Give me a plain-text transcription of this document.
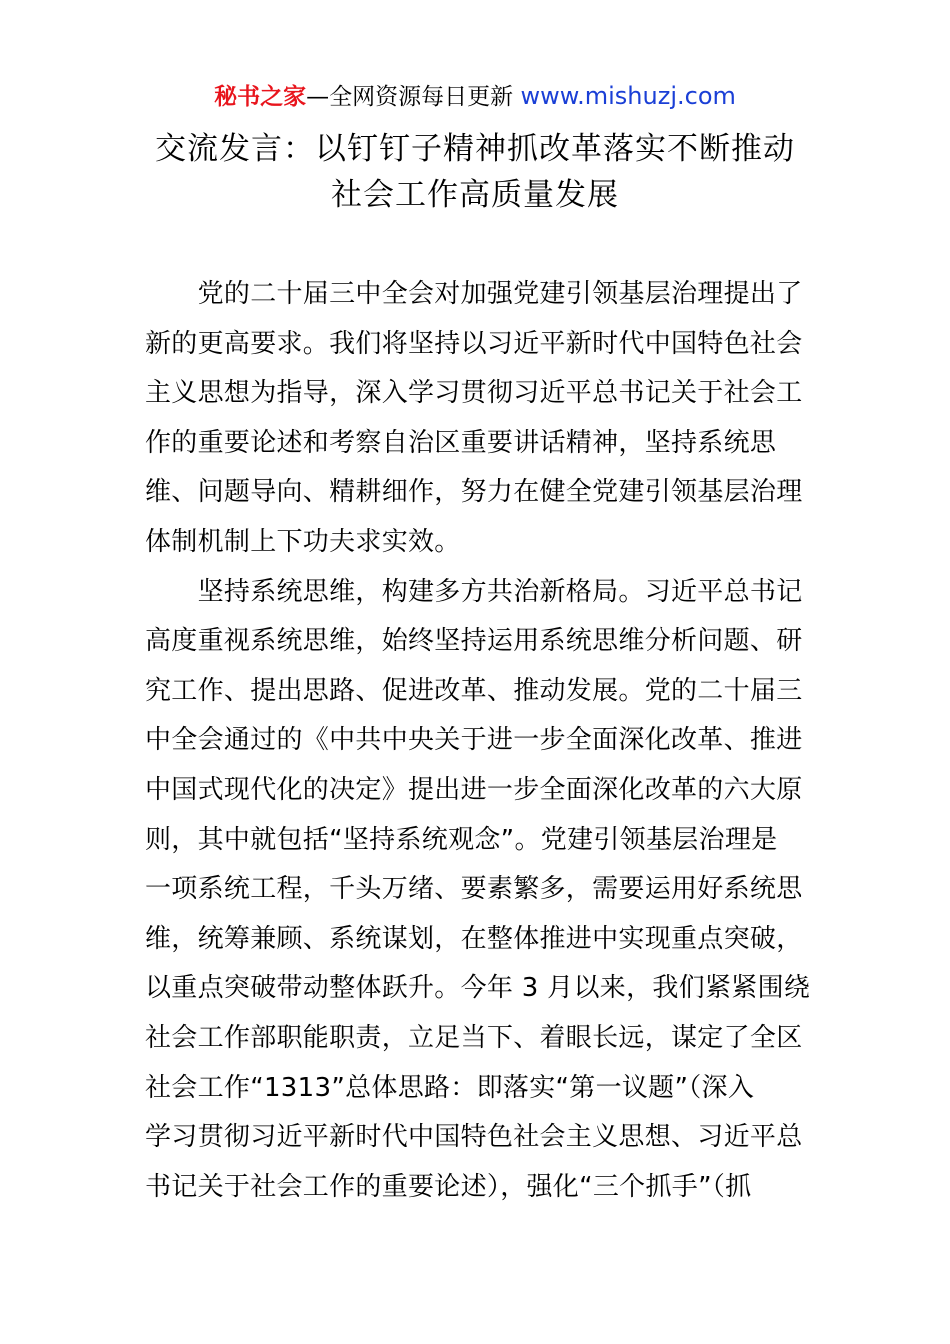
秘书之家—全网资源每日更新 www.mishuzj.com
交流发言：以钉钉子精神抓改革落实不断推动
社会工作高质量发展
　　党的二十届三中全会对加强党建引领基层治理提出了
新的更高要求。我们将坚持以习近平新时代中国特色社会
主义思想为指导，深入学习贯彻习近平总书记关于社会工
作的重要论述和考察自治区重要讲话精神，坚持系统思
维、问题导向、精耕细作，努力在健全党建引领基层治理
体制机制上下功夫求实效。
　　坚持系统思维，构建多方共治新格局。习近平总书记
高度重视系统思维，始终坚持运用系统思维分析问题、研
究工作、提出思路、促进改革、推动发展。党的二十届三
中全会通过的《中共中央关于进一步全面深化改革、推进
中国式现代化的决定》提出进一步全面深化改革的六大原
则，其中就包括“坚持系统观念”。党建引领基层治理是
一项系统工程，千头万绪、要素繁多，需要运用好系统思
维，统筹兼顾、系统谋划，在整体推进中实现重点突破，
以重点突破带动整体跃升。今年 3 月以来，我们紧紧围绕
社会工作部职能职责，立足当下、着眼长远，谋定了全区
社会工作“1313”总体思路：即落实“第一议题”（深入
学习贯彻习近平新时代中国特色社会主义思想、习近平总
书记关于社会工作的重要论述），强化“三个抓手”（抓
